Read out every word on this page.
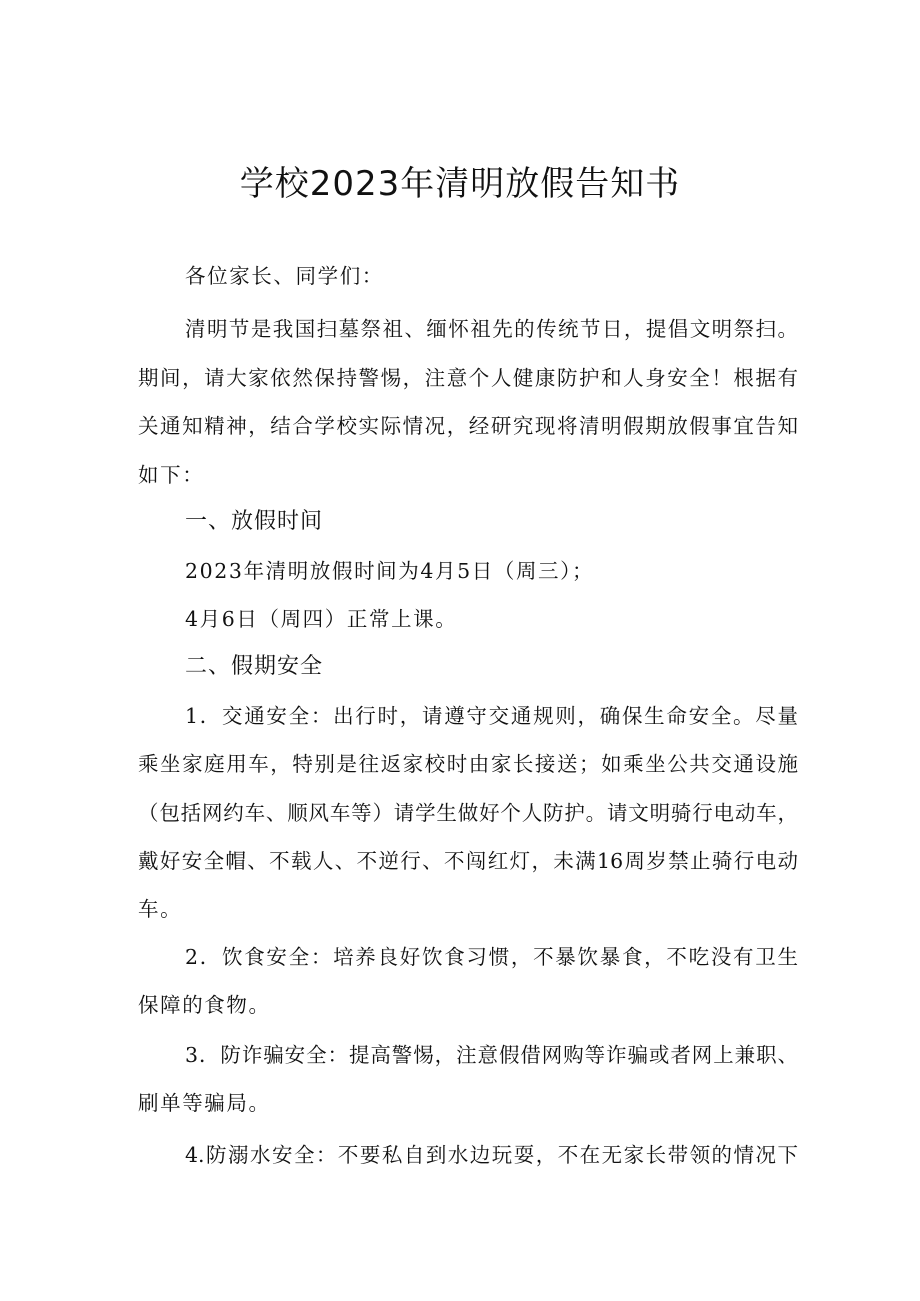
学校2023年清明放假告知书
各位家长、同学们：
清明节是我国扫墓祭祖、缅怀祖先的传统节日，提倡文明祭扫。
期间，请大家依然保持警惕，注意个人健康防护和人身安全！根据有
关通知精神，结合学校实际情况，经研究现将清明假期放假事宜告知
如下：
一、放假时间
2023年清明放假时间为4月5日（周三）；
4月6日（周四）正常上课。
二、假期安全
1．交通安全：出行时，请遵守交通规则，确保生命安全。尽量
乘坐家庭用车，特别是往返家校时由家长接送；如乘坐公共交通设施
（包括网约车、顺风车等）请学生做好个人防护。请文明骑行电动车，
戴好安全帽、不载人、不逆行、不闯红灯，未满16周岁禁止骑行电动
车。
2．饮食安全：培养良好饮食习惯，不暴饮暴食，不吃没有卫生
保障的食物。
3．防诈骗安全：提高警惕，注意假借网购等诈骗或者网上兼职、
刷单等骗局。
4.防溺水安全：不要私自到水边玩耍，不在无家长带领的情况下
